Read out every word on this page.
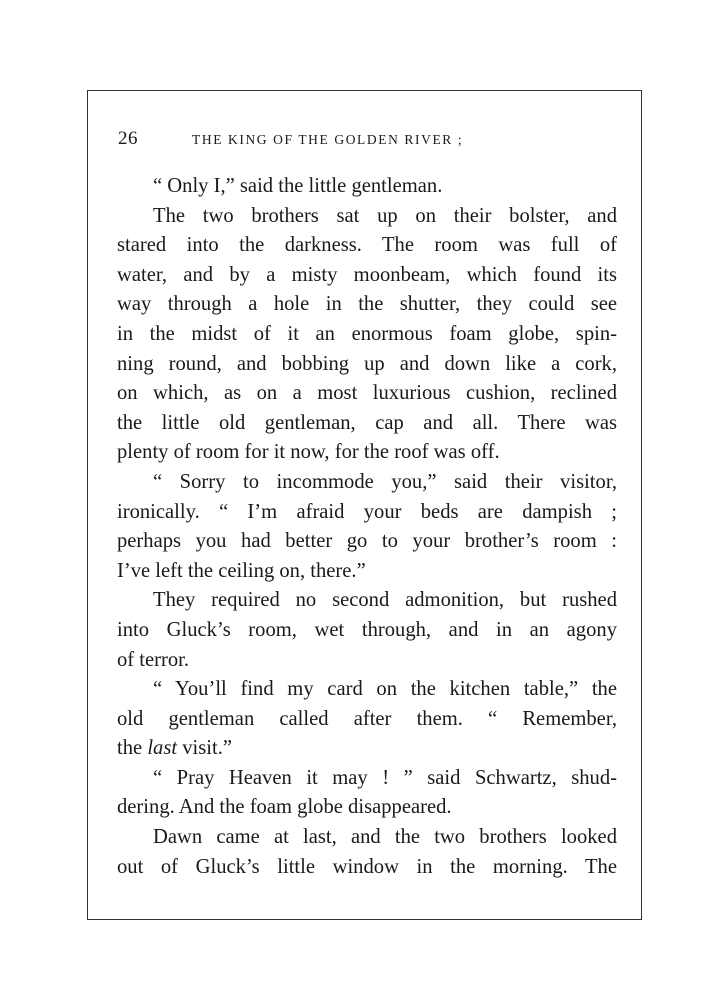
26	THE KING OF THE GOLDEN RIVER ;
“ Only I,” said the little gentleman.
The two brothers sat up on their bolster, and
stared into the darkness. The room was full of
water, and by a misty moonbeam, which found its
way through a hole in the shutter, they could see
in the midst of it an enormous foam globe, spin-
ning round, and bobbing up and down like a cork,
on which, as on a most luxurious cushion, reclined
the little old gentleman, cap and all. There was
plenty of room for it now, for the roof was off.
“ Sorry to incommode you,” said their visitor,
ironically. “ I’m afraid your beds are dampish ;
perhaps you had better go to your brother’s room :
I’ve left the ceiling on, there.”
They required no second admonition, but rushed
into Gluck’s room, wet through, and in an agony
of terror.
“ You’ll find my card on the kitchen table,” the
old gentleman called after them. “ Remember,
the last visit.”
“ Pray Heaven it may ! ” said Schwartz, shud-
dering. And the foam globe disappeared.
Dawn came at last, and the two brothers looked
out of Gluck’s little window in the morning. The
